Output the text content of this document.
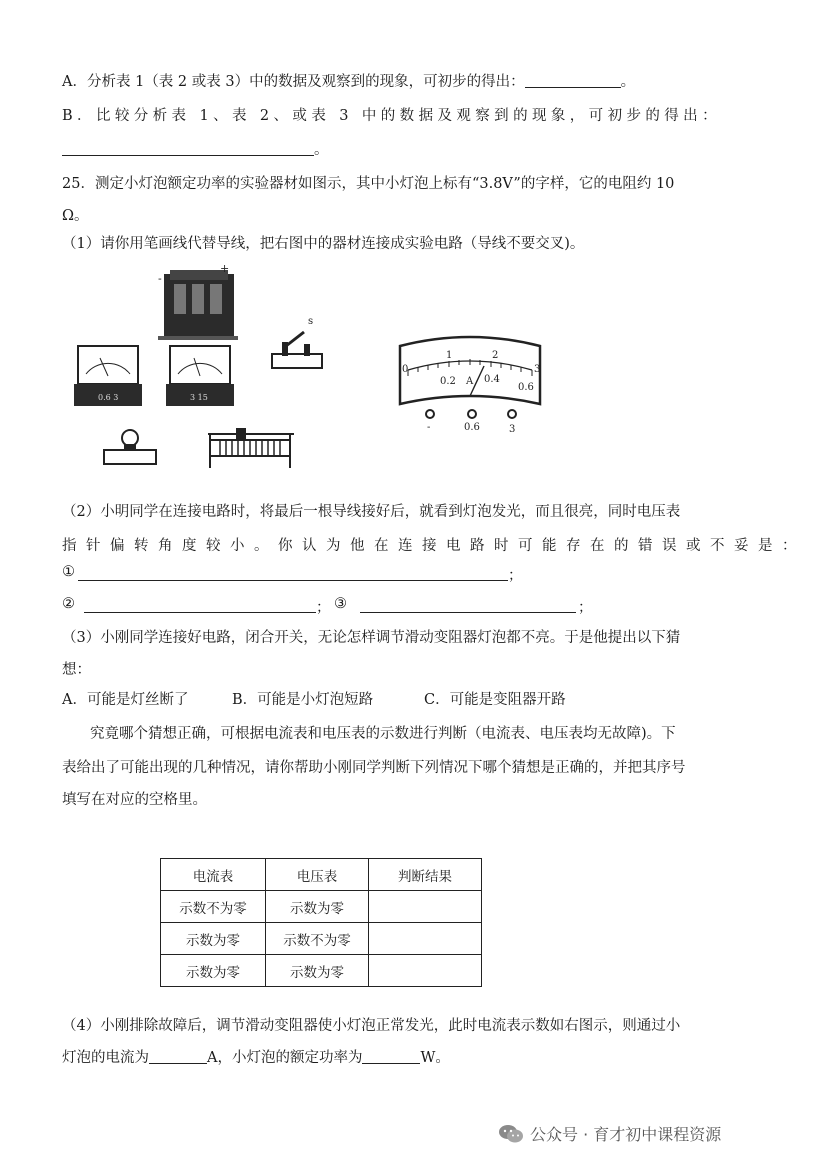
A．分析表 1（表 2 或表 3）中的数据及观察到的现象，可初步的得出：	。
B．比较分析表 1、表 2、或表 3 中的数据及观察到的现象，可初步的得出：
。
25．测定小灯泡额定功率的实验器材如图示，其中小灯泡上标有“3.8V”的字样，它的电阻约 10
Ω。
（1）请你用笔画线代替导线，把右图中的器材连接成实验电路（导线不要交叉)。
-
+
s
0.6 3	3 15
0
1	2
3
0.2	0.4
0.6
A
-	0.6	3
（2）小明同学在连接电路时，将最后一根导线接好后，就看到灯泡发光，而且很亮，同时电压表
指针偏转角度较小。你认为他在连接电路时可能存在的错误或不妥是：
①	；
②	； ③	；
（3）小刚同学连接好电路，闭合开关，无论怎样调节滑动变阻器灯泡都不亮。于是他提出以下猜
想：
A．可能是灯丝断了	B．可能是小灯泡短路	C．可能是变阻器开路
究竟哪个猜想正确，可根据电流表和电压表的示数进行判断（电流表、电压表均无故障)。下
表给出了可能出现的几种情况，请你帮助小刚同学判断下列情况下哪个猜想是正确的，并把其序号
填写在对应的空格里。
电流表	电压表	判断结果
示数不为零	示数为零	
示数为零	示数不为零	
示数为零	示数为零	
（4）小刚排除故障后，调节滑动变阻器使小灯泡正常发光，此时电流表示数如右图示，则通过小
灯泡的电流为	A，小灯泡的额定功率为	W。
公众号 · 育才初中课程资源
